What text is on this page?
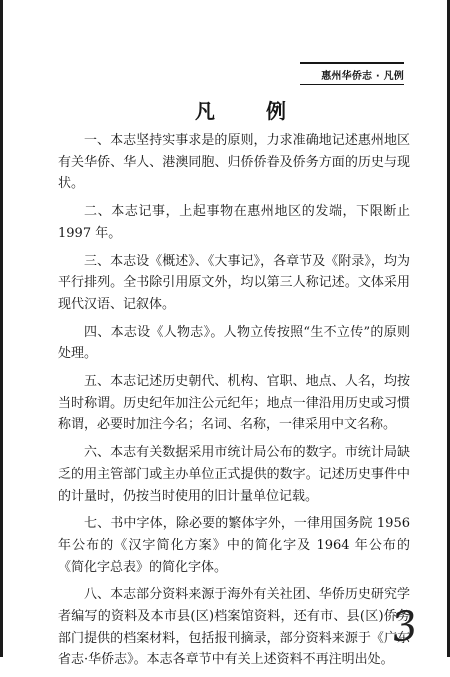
惠州华侨志 · 凡例
凡 例

一、本志坚持实事求是的原则，力求准确地记述惠州地区有关华侨、华人、港澳同胞、归侨侨眷及侨务方面的历史与现状。

二、本志记事，上起事物在惠州地区的发端，下限断止 1997 年。

三、本志设《概述》、《大事记》，各章节及《附录》，均为平行排列。全书除引用原文外，均以第三人称记述。文体采用现代汉语、记叙体。

四、本志设《人物志》。人物立传按照“生不立传”的原则处理。

五、本志记述历史朝代、机构、官职、地点、人名，均按当时称谓。历史纪年加注公元纪年；地点一律沿用历史或习惯称谓，必要时加注今名；名词、名称，一律采用中文名称。

六、本志有关数据采用市统计局公布的数字。市统计局缺乏的用主管部门或主办单位正式提供的数字。记述历史事件中的计量时，仍按当时使用的旧计量单位记载。

七、书中字体，除必要的繁体字外，一律用国务院 1956 年公布的《汉字简化方案》中的简化字及 1964 年公布的《简化字总表》的简化字体。

八、本志部分资料来源于海外有关社团、华侨历史研究学者编写的资料及本市县(区)档案馆资料，还有市、县(区)侨务部门提供的档案材料，包括报刊摘录，部分资料来源于《广东省志·华侨志》。本志各章节中有关上述资料不再注明出处。

3
